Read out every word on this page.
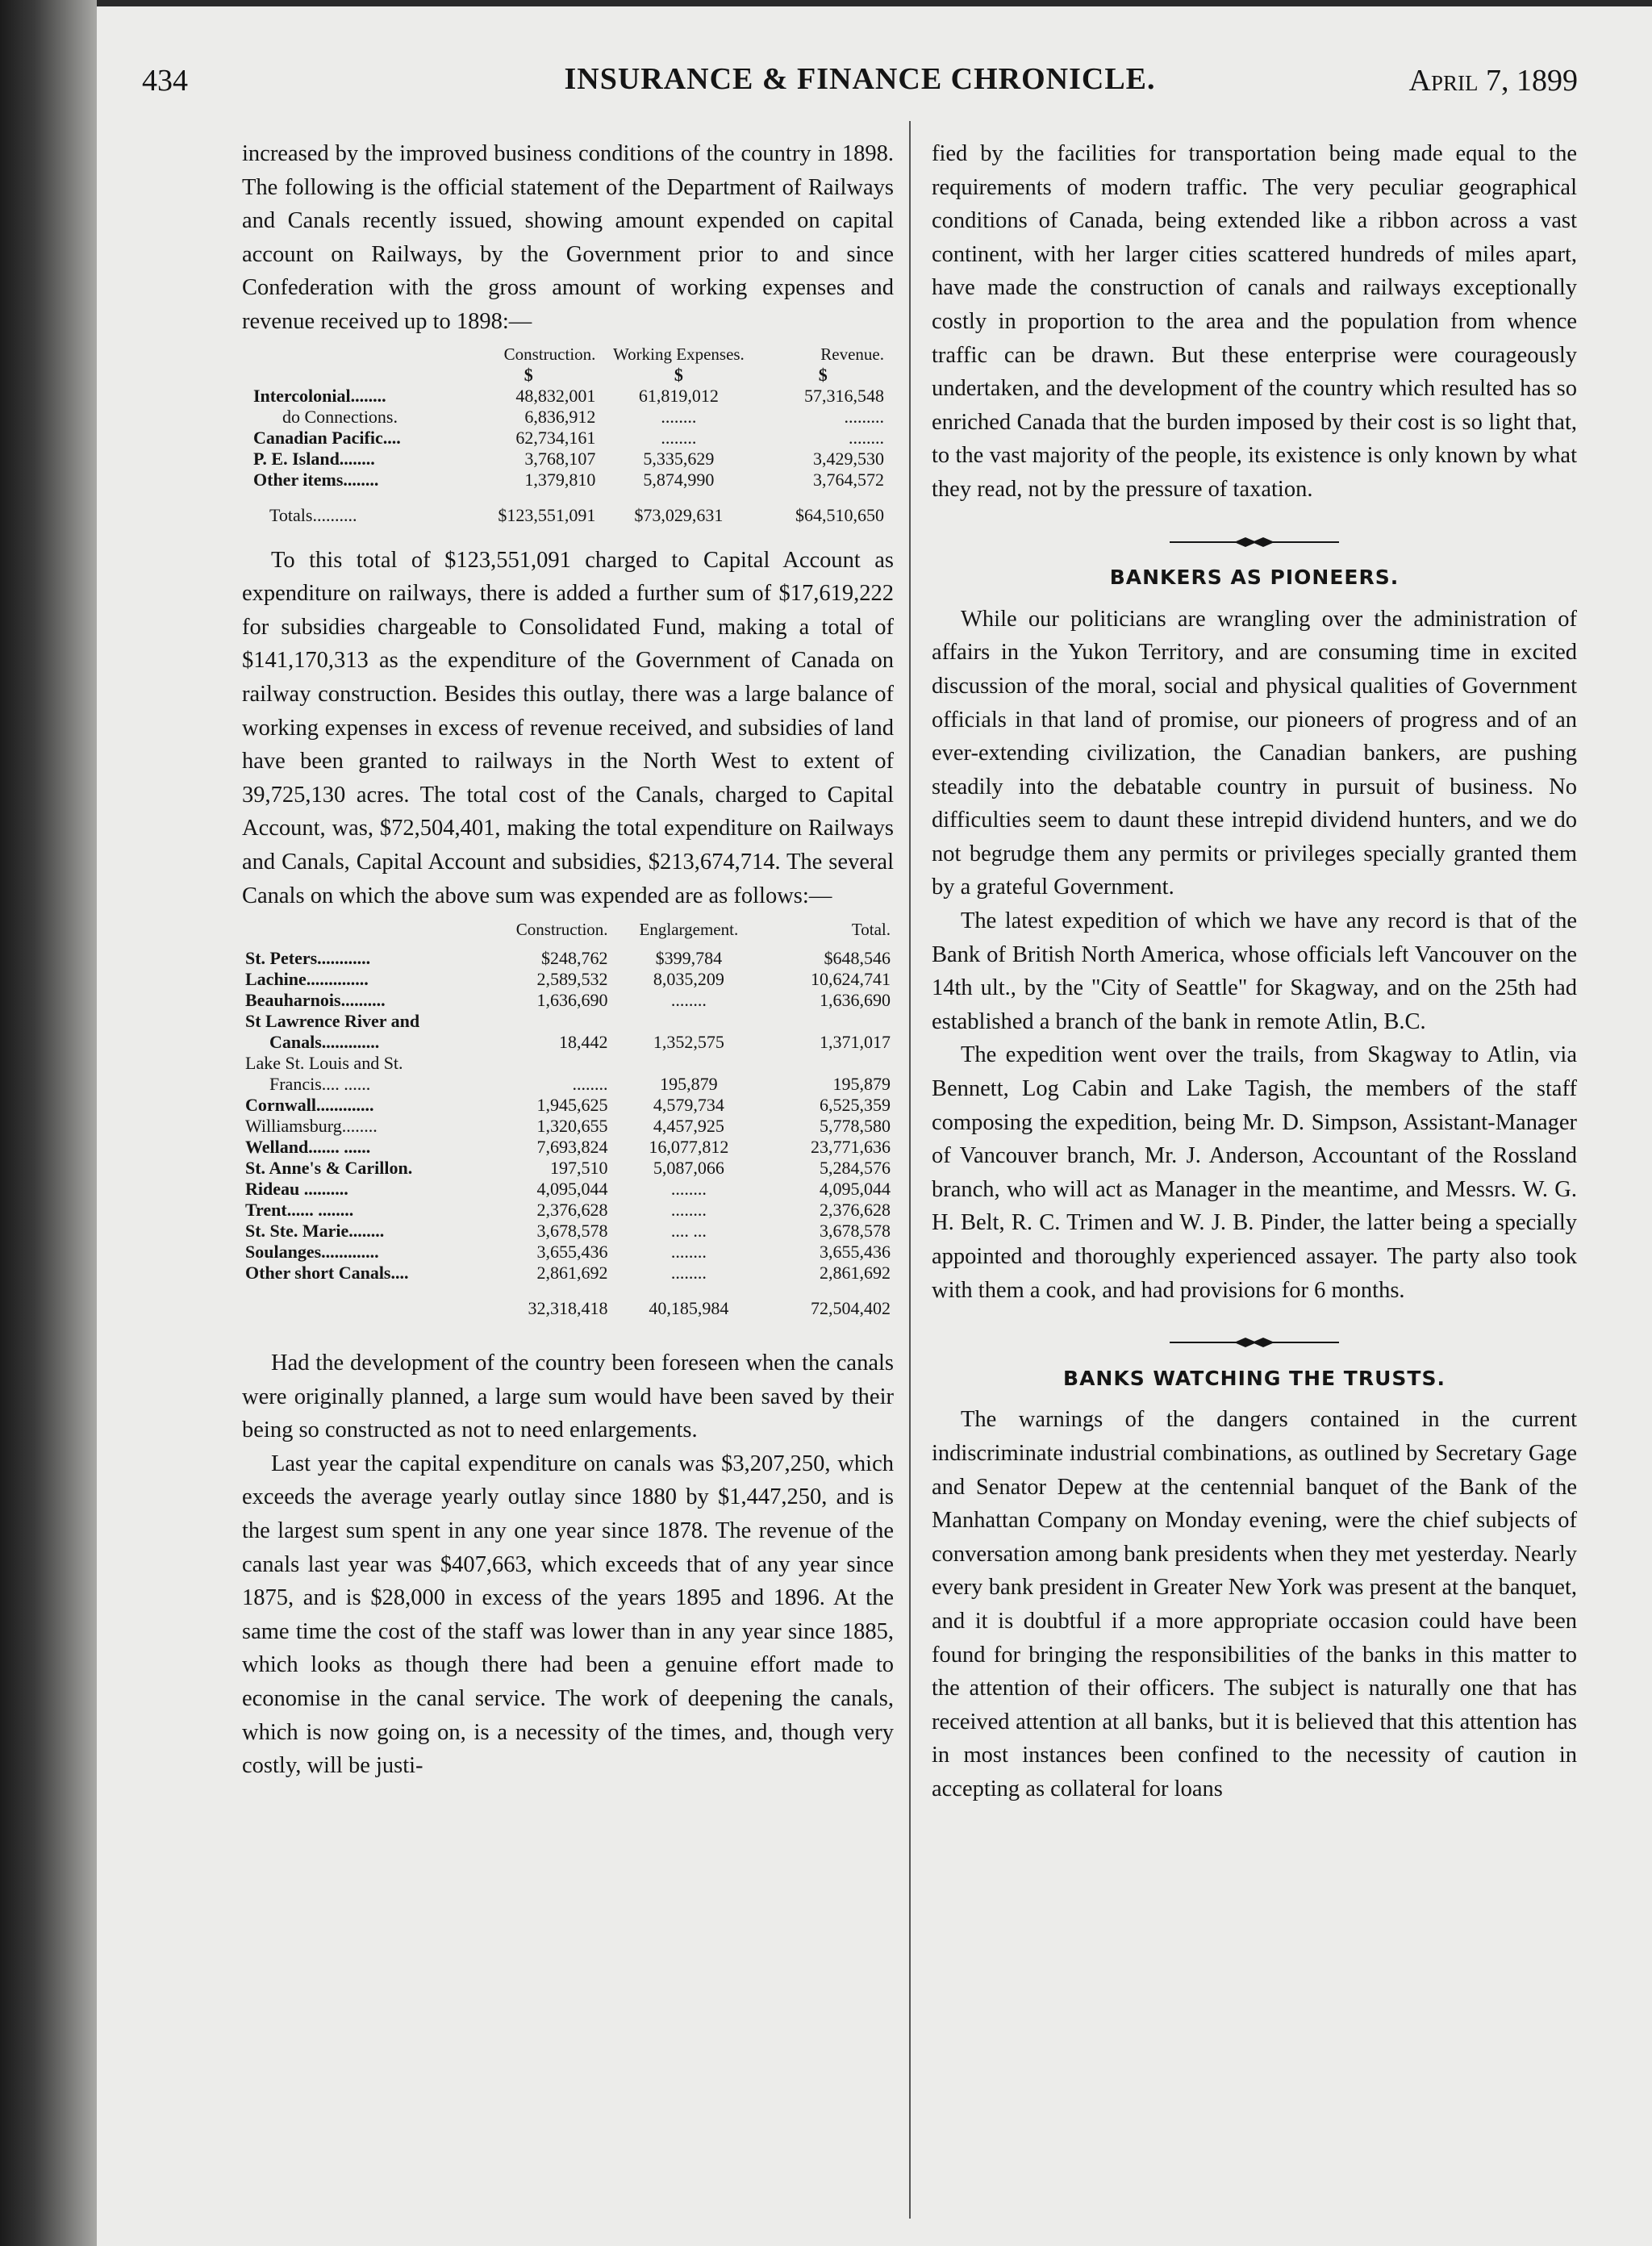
434	INSURANCE & FINANCE CHRONICLE.	April 7, 1899

increased by the improved business conditions of the country in 1898. The following is the official statement of the Department of Railways and Canals recently issued, showing amount expended on capital account on Railways, by the Government prior to and since Confederation with the gross amount of working expenses and revenue received up to 1898:—

	Construction.	Working Expenses.	Revenue.
	$	$	$
Intercolonial........	48,832,001	61,819,012	57,316,548
do Connections.	6,836,912	........	.........
Canadian Pacific....	62,734,161	........	........
P. E. Island........	3,768,107	5,335,629	3,429,530
Other items........	1,379,810	5,874,990	3,764,572
Totals..........	$123,551,091	$73,029,631	$64,510,650

To this total of $123,551,091 charged to Capital Account as expenditure on railways, there is added a further sum of $17,619,222 for subsidies chargeable to Consolidated Fund, making a total of $141,170,313 as the expenditure of the Government of Canada on railway construction. Besides this outlay, there was a large balance of working expenses in excess of revenue received, and subsidies of land have been granted to railways in the North West to extent of 39,725,130 acres. The total cost of the Canals, charged to Capital Account, was, $72,504,401, making the total expenditure on Railways and Canals, Capital Account and subsidies, $213,674,714. The several Canals on which the above sum was expended are as follows:—

	Construction.	Englargement.	Total.

St. Peters............	$248,762	$399,784	$648,546
Lachine..............	2,589,532	8,035,209	10,624,741
Beauharnois..........	1,636,690	........	1,636,690
St Lawrence River and			
Canals.............	18,442	1,352,575	1,371,017
Lake St. Louis and St.			
Francis.... ......	........	195,879	195,879
Cornwall.............	1,945,625	4,579,734	6,525,359
Williamsburg........	1,320,655	4,457,925	5,778,580
Welland....... ......	7,693,824	16,077,812	23,771,636
St. Anne's & Carillon.	197,510	5,087,066	5,284,576
Rideau ..........	4,095,044	........	4,095,044
Trent...... ........	2,376,628	........	2,376,628
St. Ste. Marie........	3,678,578	.... ...	3,678,578
Soulanges.............	3,655,436	........	3,655,436
Other short Canals....	2,861,692	........	2,861,692
	32,318,418	40,185,984	72,504,402

Had the development of the country been foreseen when the canals were originally planned, a large sum would have been saved by their being so constructed as not to need enlargements.

Last year the capital expenditure on canals was $3,207,250, which exceeds the average yearly outlay since 1880 by $1,447,250, and is the largest sum spent in any one year since 1878. The revenue of the canals last year was $407,663, which exceeds that of any year since 1875, and is $28,000 in excess of the years 1895 and 1896. At the same time the cost of the staff was lower than in any year since 1885, which looks as though there had been a genuine effort made to economise in the canal service. The work of deepening the canals, which is now going on, is a necessity of the times, and, though very costly, will be justi-

fied by the facilities for transportation being made equal to the requirements of modern traffic. The very peculiar geographical conditions of Canada, being extended like a ribbon across a vast continent, with her larger cities scattered hundreds of miles apart, have made the construction of canals and railways exceptionally costly in proportion to the area and the population from whence traffic can be drawn. But these enterprise were courageously undertaken, and the development of the country which resulted has so enriched Canada that the burden imposed by their cost is so light that, to the vast majority of the people, its existence is only known by what they read, not by the pressure of taxation.

BANKERS AS PIONEERS.

While our politicians are wrangling over the administration of affairs in the Yukon Territory, and are consuming time in excited discussion of the moral, social and physical qualities of Government officials in that land of promise, our pioneers of progress and of an ever-extending civilization, the Canadian bankers, are pushing steadily into the debatable country in pursuit of business. No difficulties seem to daunt these intrepid dividend hunters, and we do not begrudge them any permits or privileges specially granted them by a grateful Government.

The latest expedition of which we have any record is that of the Bank of British North America, whose officials left Vancouver on the 14th ult., by the "City of Seattle" for Skagway, and on the 25th had established a branch of the bank in remote Atlin, B.C.

The expedition went over the trails, from Skagway to Atlin, via Bennett, Log Cabin and Lake Tagish, the members of the staff composing the expedition, being Mr. D. Simpson, Assistant-Manager of Vancouver branch, Mr. J. Anderson, Accountant of the Rossland branch, who will act as Manager in the meantime, and Messrs. W. G. H. Belt, R. C. Trimen and W. J. B. Pinder, the latter being a specially appointed and thoroughly experienced assayer. The party also took with them a cook, and had provisions for 6 months.

BANKS WATCHING THE TRUSTS.

The warnings of the dangers contained in the current indiscriminate industrial combinations, as outlined by Secretary Gage and Senator Depew at the centennial banquet of the Bank of the Manhattan Company on Monday evening, were the chief subjects of conversation among bank presidents when they met yesterday. Nearly every bank president in Greater New York was present at the banquet, and it is doubtful if a more appropriate occasion could have been found for bringing the responsibilities of the banks in this matter to the attention of their officers. The subject is naturally one that has received attention at all banks, but it is believed that this attention has in most instances been confined to the necessity of caution in accepting as collateral for loans
